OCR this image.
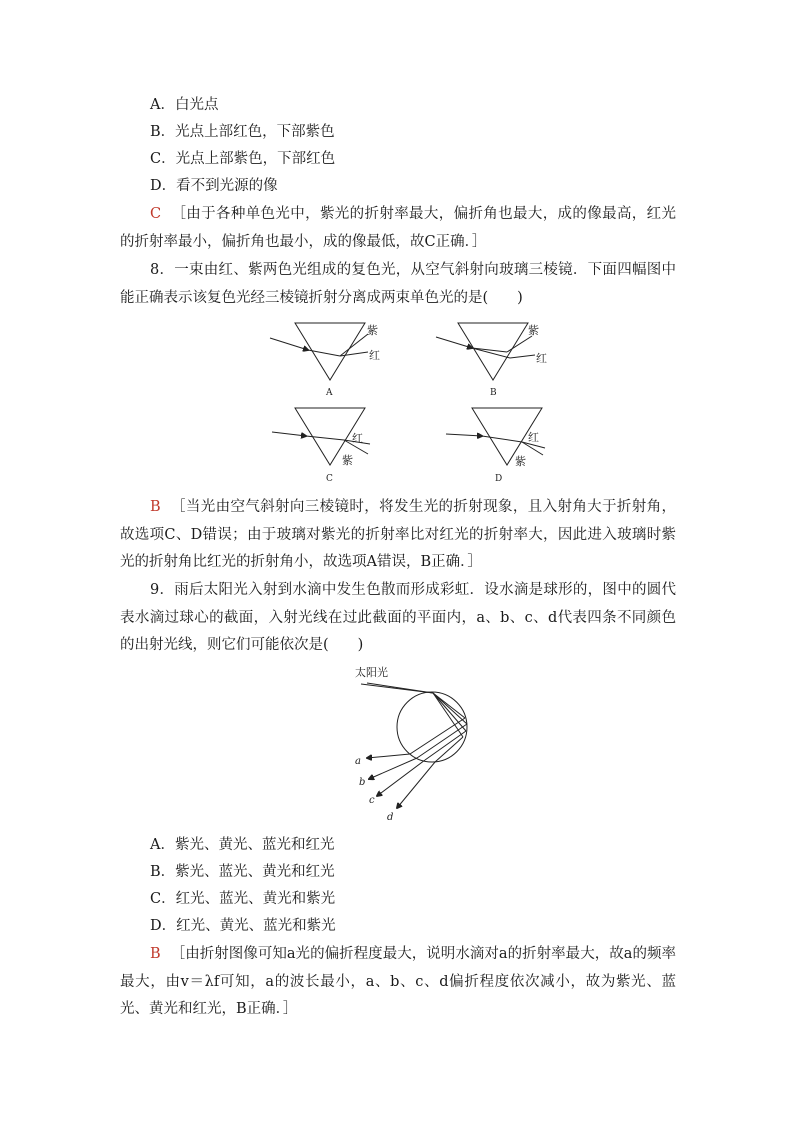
A．白光点
B．光点上部红色，下部紫色
C．光点上部紫色，下部红色
D．看不到光源的像
C ［由于各种单色光中，紫光的折射率最大，偏折角也最大，成的像最高，红光的折射率最小，偏折角也最小，成的像最低，故C正确．］
8．一束由红、紫两色光组成的复色光，从空气斜射向玻璃三棱镜．下面四幅图中能正确表示该复色光经三棱镜折射分离成两束单色光的是(　　)
紫
红
A
紫
红
B
红
紫
C
红
紫
D
B ［当光由空气斜射向三棱镜时，将发生光的折射现象，且入射角大于折射角，故选项C、D错误；由于玻璃对紫光的折射率比对红光的折射率大，因此进入玻璃时紫光的折射角比红光的折射角小，故选项A错误，B正确．］
9．雨后太阳光入射到水滴中发生色散而形成彩虹．设水滴是球形的，图中的圆代表水滴过球心的截面，入射光线在过此截面的平面内，a、b、c、d代表四条不同颜色的出射光线，则它们可能依次是(　　)
太阳光
a
b
c
d
A．紫光、黄光、蓝光和红光
B．紫光、蓝光、黄光和红光
C．红光、蓝光、黄光和紫光
D．红光、黄光、蓝光和紫光
B ［由折射图像可知a光的偏折程度最大，说明水滴对a的折射率最大，故a的频率最大，由v＝λf可知，a的波长最小，a、b、c、d偏折程度依次减小，故为紫光、蓝光、黄光和红光，B正确．］
